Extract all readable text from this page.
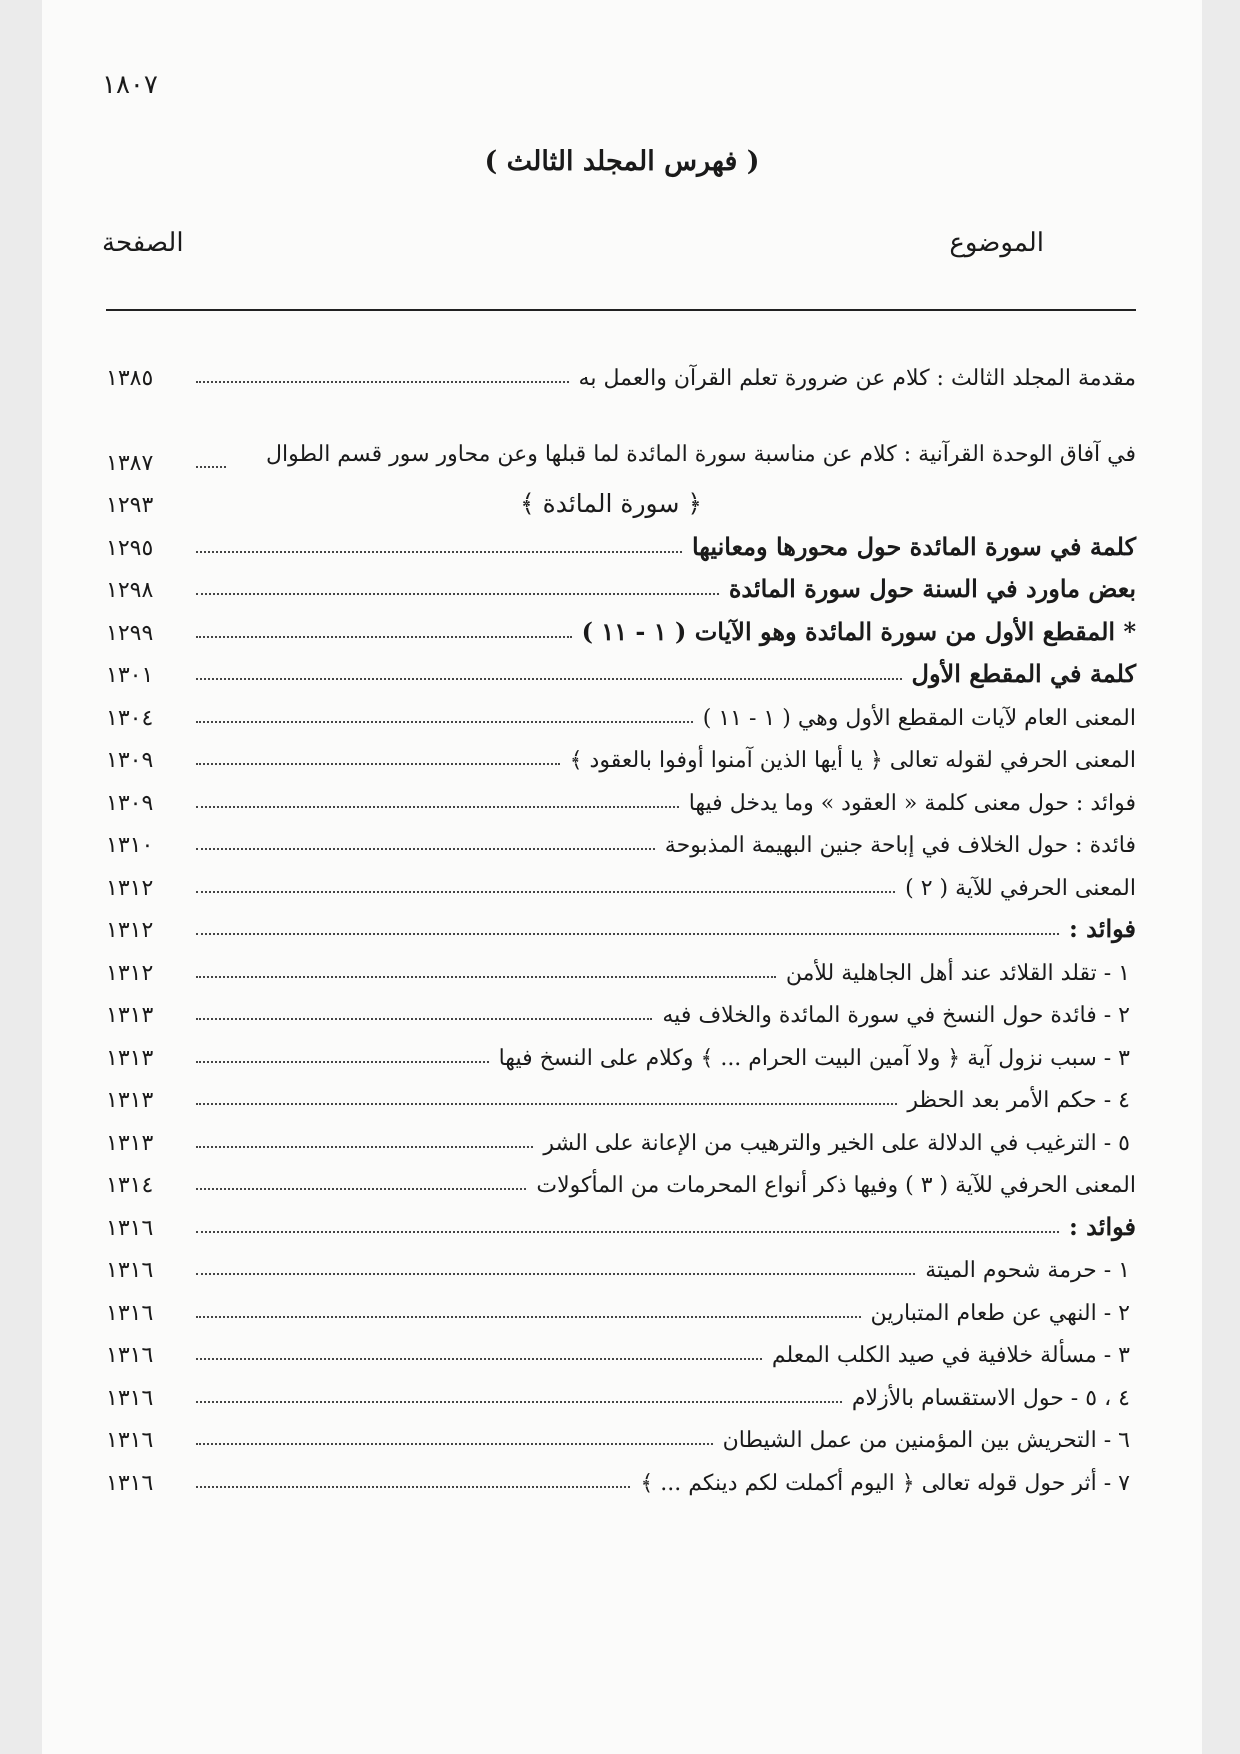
١٨٠٧
( فهرس المجلد الثالث )
الموضوع
الصفحة
١٣٨٥	مقدمة المجلد الثالث : كلام عن ضرورة تعلم القرآن والعمل به
١٣٨٧	في آفاق الوحدة القرآنية : كلام عن مناسبة سورة المائدة لما قبلها وعن محاور سور قسم الطوال
١٢٩٣	﴿ سورة المائدة ﴾
١٢٩٥	كلمة في سورة المائدة حول محورها ومعانيها
١٢٩٨	بعض ماورد في السنة حول سورة المائدة
١٢٩٩	* المقطع الأول من سورة المائدة وهو الآيات ( ١ - ١١ )
١٣٠١	كلمة في المقطع الأول
١٣٠٤	المعنى العام لآيات المقطع الأول وهي ( ١ - ١١ )
١٣٠٩	المعنى الحرفي لقوله تعالى ﴿ يا أيها الذين آمنوا أوفوا بالعقود ﴾
١٣٠٩	فوائد : حول معنى كلمة « العقود » وما يدخل فيها
١٣١٠	فائدة : حول الخلاف في إباحة جنين البهيمة المذبوحة
١٣١٢	المعنى الحرفي للآية ( ٢ )
١٣١٢	فوائد :
١٣١٢	١ - تقلد القلائد عند أهل الجاهلية للأمن
١٣١٣	٢ - فائدة حول النسخ في سورة المائدة والخلاف فيه
١٣١٣	٣ - سبب نزول آية ﴿ ولا آمين البيت الحرام ... ﴾ وكلام على النسخ فيها
١٣١٣	٤ - حكم الأمر بعد الحظر
١٣١٣	٥ - الترغيب في الدلالة على الخير والترهيب من الإعانة على الشر
١٣١٤	المعنى الحرفي للآية ( ٣ ) وفيها ذكر أنواع المحرمات من المأكولات
١٣١٦	فوائد :
١٣١٦	١ - حرمة شحوم الميتة
١٣١٦	٢ - النهي عن طعام المتبارين
١٣١٦	٣ - مسألة خلافية في صيد الكلب المعلم
١٣١٦	٤ ، ٥ - حول الاستقسام بالأزلام
١٣١٦	٦ - التحريش بين المؤمنين من عمل الشيطان
١٣١٦	٧ - أثر حول قوله تعالى ﴿ اليوم أكملت لكم دينكم ... ﴾
